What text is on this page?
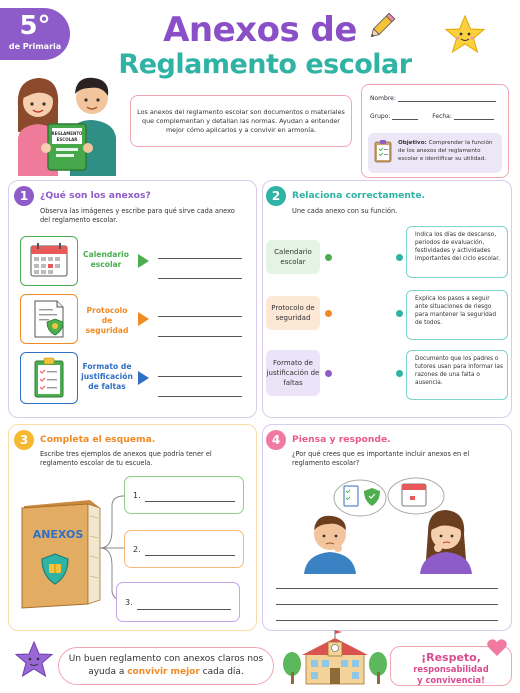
5°
de Primaria
REGLAMENTO
ESCOLAR
Anexos de
Reglamento escolar
Los anexos del reglamento escolar son documentos o materiales que complementan y detallan las normas. Ayudan a entender mejor cómo aplicarlos y a convivir en armonía.
Nombre:
Grupo:	Fecha:
Objetivo: Comprender la función de los anexos del reglamento escolar e identificar su utilidad.
1	¿Qué son los anexos?
Observa las imágenes y escribe para qué sirve cada anexo del reglamento escolar.
Calendario escolar
Protocolo de seguridad
Formato de justificación de faltas
2	Relaciona correctamente.
Une cada anexo con su función.
Calendario escolar
Indica los días de descanso, periodos de evaluación, festividades y actividades importantes del ciclo escolar.
Protocolo de seguridad
Explica los pasos a seguir ante situaciones de riesgo para mantener la seguridad de todos.
Formato de justificación de faltas
Documento que los padres o tutores usan para informar las razones de una falta o ausencia.
3	Completa el esquema.
Escribe tres ejemplos de anexos que podría tener el reglamento escolar de tu escuela.
ANEXOS
1.
2.
3.
4	Piensa y responde.
¿Por qué crees que es importante incluir anexos en el reglamento escolar?
Un buen reglamento con anexos claros nos ayuda a convivir mejor cada día.
¡Respeto,
responsabilidad
y convivencia!
